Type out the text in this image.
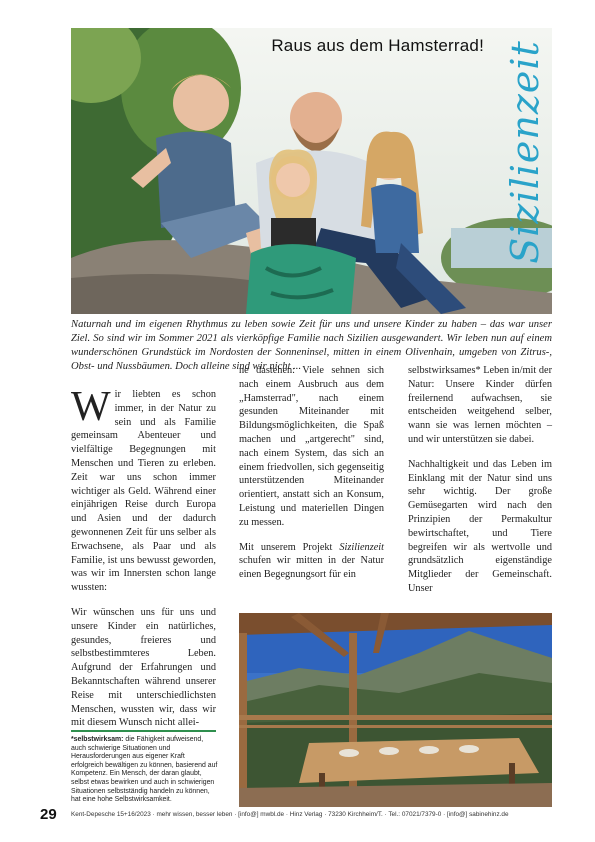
Raus aus dem Hamsterrad! Sizilienzeit
Naturnah und im eigenen Rhythmus zu leben sowie Zeit für uns und unsere Kinder zu haben – das war unser Ziel. So sind wir im Sommer 2021 als vierköpfige Familie nach Sizilien ausgewandert. Wir leben nun auf einem wunderschönen Grundstück im Nordosten der Sonneninsel, mitten in einem Olivenhain, umgeben von Zitrus-, Obst- und Nussbäumen. Doch alleine sind wir nicht ...

Wir liebten es schon immer, in der Natur zu sein und als Familie gemeinsam Abenteuer und vielfältige Begegnungen mit Menschen und Tieren zu erleben. Zeit war uns schon immer wichtiger als Geld. Während einer einjährigen Reise durch Europa und Asien und der dadurch gewonnenen Zeit für uns selber als Erwachsene, als Paar und als Familie, ist uns bewusst geworden, was wir im Innersten schon lange wussten:

Wir wünschen uns für uns und unsere Kinder ein natürliches, gesundes, freieres und selbstbestimmteres Leben. Aufgrund der Erfahrungen und Bekanntschaften während unserer Reise mit unterschiedlichsten Menschen, wussten wir, dass wir mit diesem Wunsch nicht allei-

ne dastehen: Viele sehnen sich nach einem Ausbruch aus dem „Hamsterrad", nach einem gesunden Miteinander mit Bildungsmöglichkeiten, die Spaß machen und „artgerecht" sind, nach einem System, das sich an einem friedvollen, sich gegenseitig unterstützenden Miteinander orientiert, anstatt sich an Konsum, Leistung und materiellen Dingen zu messen.

Mit unserem Projekt Sizilienzeit schufen wir mitten in der Natur einen Begegnungsort für ein

selbstwirksames* Leben in/mit der Natur: Unsere Kinder dürfen freilernend aufwachsen, sie entscheiden weitgehend selber, wann sie was lernen möchten – und wir unterstützen sie dabei.

Nachhaltigkeit und das Leben im Einklang mit der Natur sind uns sehr wichtig. Der große Gemüsegarten wird nach den Prinzipien der Permakultur bewirtschaftet, und Tiere begreifen wir als wertvolle und grundsätzlich eigenständige Mitglieder der Gemeinschaft. Unser

*selbstwirksam: die Fähigkeit aufweisend, auch schwierige Situationen und Herausforderungen aus eigener Kraft erfolgreich bewältigen zu können, basierend auf Kompetenz. Ein Mensch, der daran glaubt, selbst etwas bewirken und auch in schwierigen Situationen selbstständig handeln zu können, hat eine hohe Selbstwirksamkeit.
29 Kent-Depesche 15+16/2023 · mehr wissen, besser leben · [info@] mwbl.de · Hinz Verlag · 73230 Kirchheim/T. · Tel.: 07021/7379-0 · [info@] sabinehinz.de
